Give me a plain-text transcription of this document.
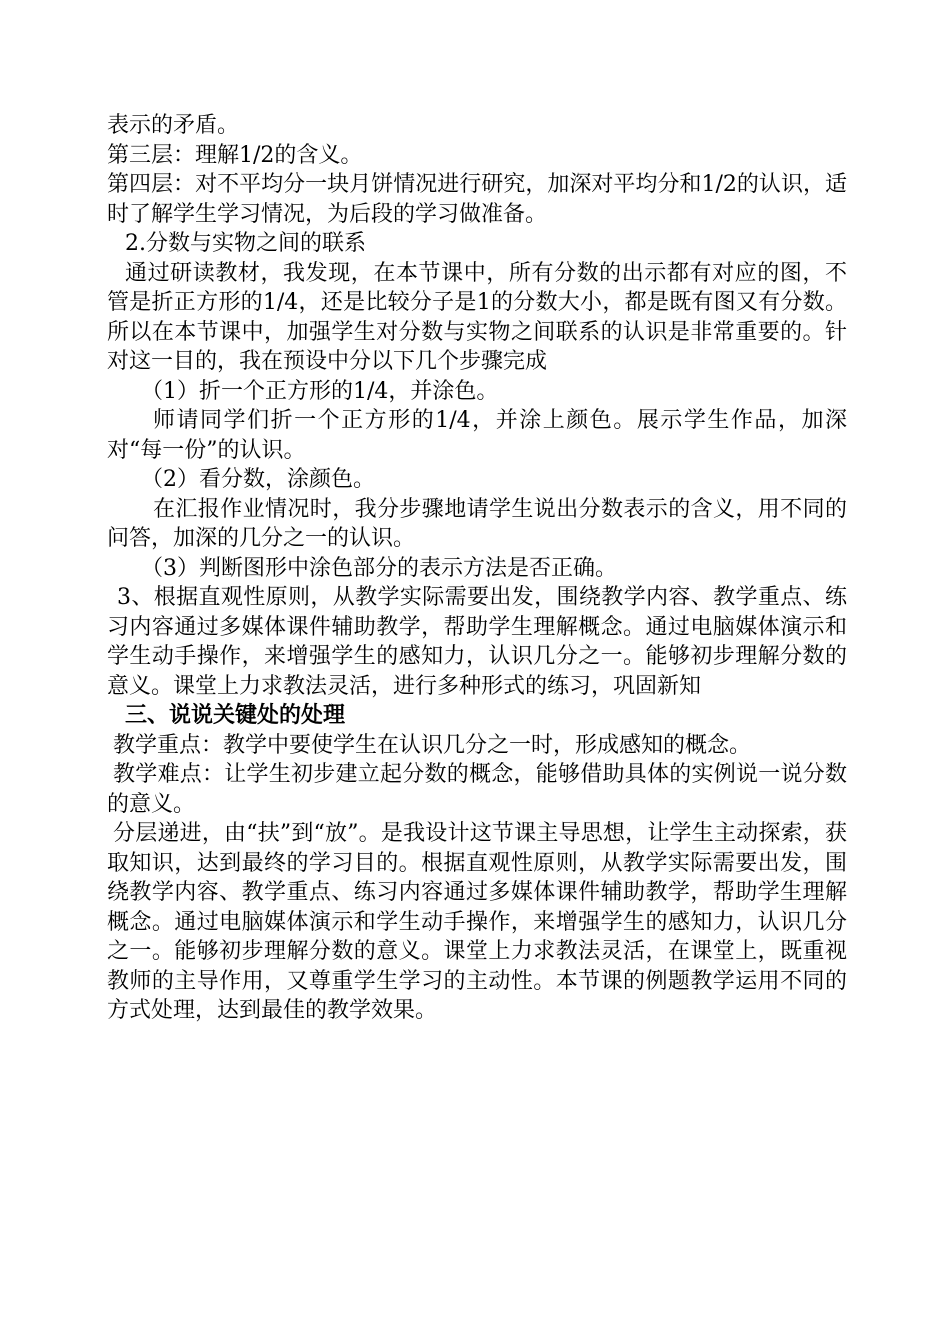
表示的矛盾。

第三层：理解1/2的含义。

第四层：对不平均分一块月饼情况进行研究，加深对平均分和1/2的认识，适时了解学生学习情况，为后段的学习做准备。

2.分数与实物之间的联系

通过研读教材，我发现，在本节课中，所有分数的出示都有对应的图，不管是折正方形的1/4，还是比较分子是1的分数大小，都是既有图又有分数。所以在本节课中，加强学生对分数与实物之间联系的认识是非常重要的。针对这一目的，我在预设中分以下几个步骤完成

（1）折一个正方形的1/4，并涂色。

师请同学们折一个正方形的1/4，并涂上颜色。展示学生作品，加深对“每一份”的认识。

（2）看分数，涂颜色。

在汇报作业情况时，我分步骤地请学生说出分数表示的含义，用不同的问答，加深的几分之一的认识。

（3）判断图形中涂色部分的表示方法是否正确。

3、根据直观性原则，从教学实际需要出发，围绕教学内容、教学重点、练习内容通过多媒体课件辅助教学，帮助学生理解概念。通过电脑媒体演示和学生动手操作，来增强学生的感知力，认识几分之一。能够初步理解分数的意义。课堂上力求教法灵活，进行多种形式的练习，巩固新知

三、说说关键处的处理

教学重点：教学中要使学生在认识几分之一时，形成感知的概念。

教学难点：让学生初步建立起分数的概念，能够借助具体的实例说一说分数的意义。

分层递进，由“扶”到“放”。是我设计这节课主导思想，让学生主动探索，获取知识，达到最终的学习目的。根据直观性原则，从教学实际需要出发，围绕教学内容、教学重点、练习内容通过多媒体课件辅助教学，帮助学生理解概念。通过电脑媒体演示和学生动手操作，来增强学生的感知力，认识几分之一。能够初步理解分数的意义。课堂上力求教法灵活，在课堂上，既重视教师的主导作用，又尊重学生学习的主动性。本节课的例题教学运用不同的方式处理，达到最佳的教学效果。
